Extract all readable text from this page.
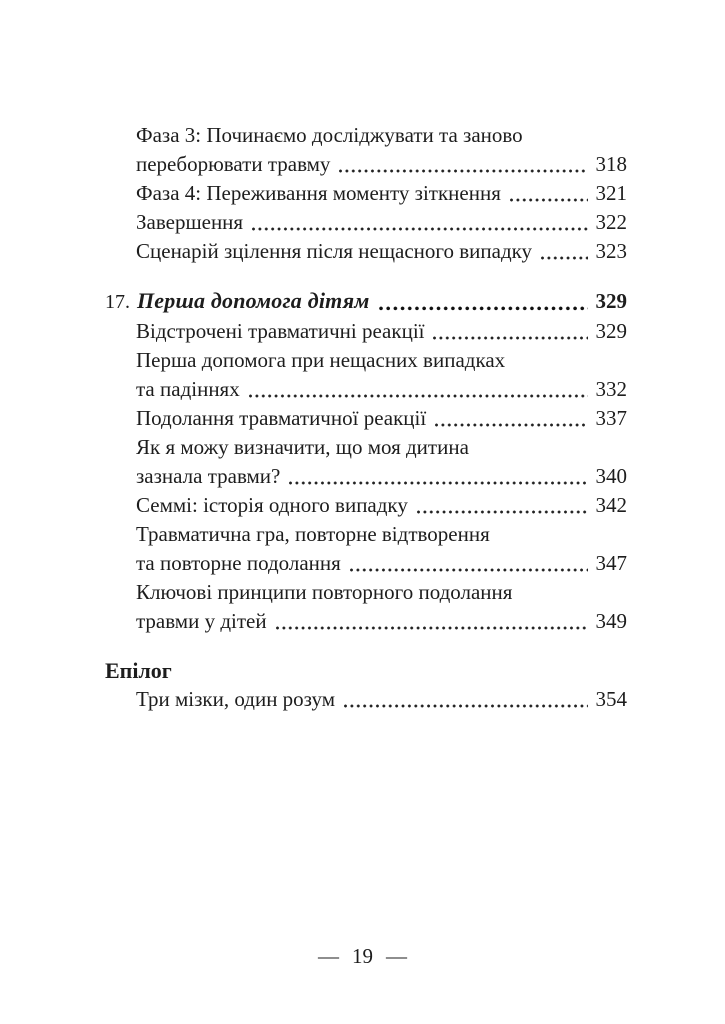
Фаза 3: Починаємо досліджувати та заново
переборювати травму	318
Фаза 4: Переживання моменту зіткнення	321
Завершення	322
Сценарій зцілення після нещасного випадку	323
17. Перша допомога дітям	329
Відстрочені травматичні реакції	329
Перша допомога при нещасних випадках
та падіннях	332
Подолання травматичної реакції	337
Як я можу визначити, що моя дитина
зазнала травми?	340
Семмі: історія одного випадку	342
Травматична гра, повторне відтворення
та повторне подолання	347
Ключові принципи повторного подолання
травми у дітей	349
Епілог
Три мізки, один розум	354
— 19 —
